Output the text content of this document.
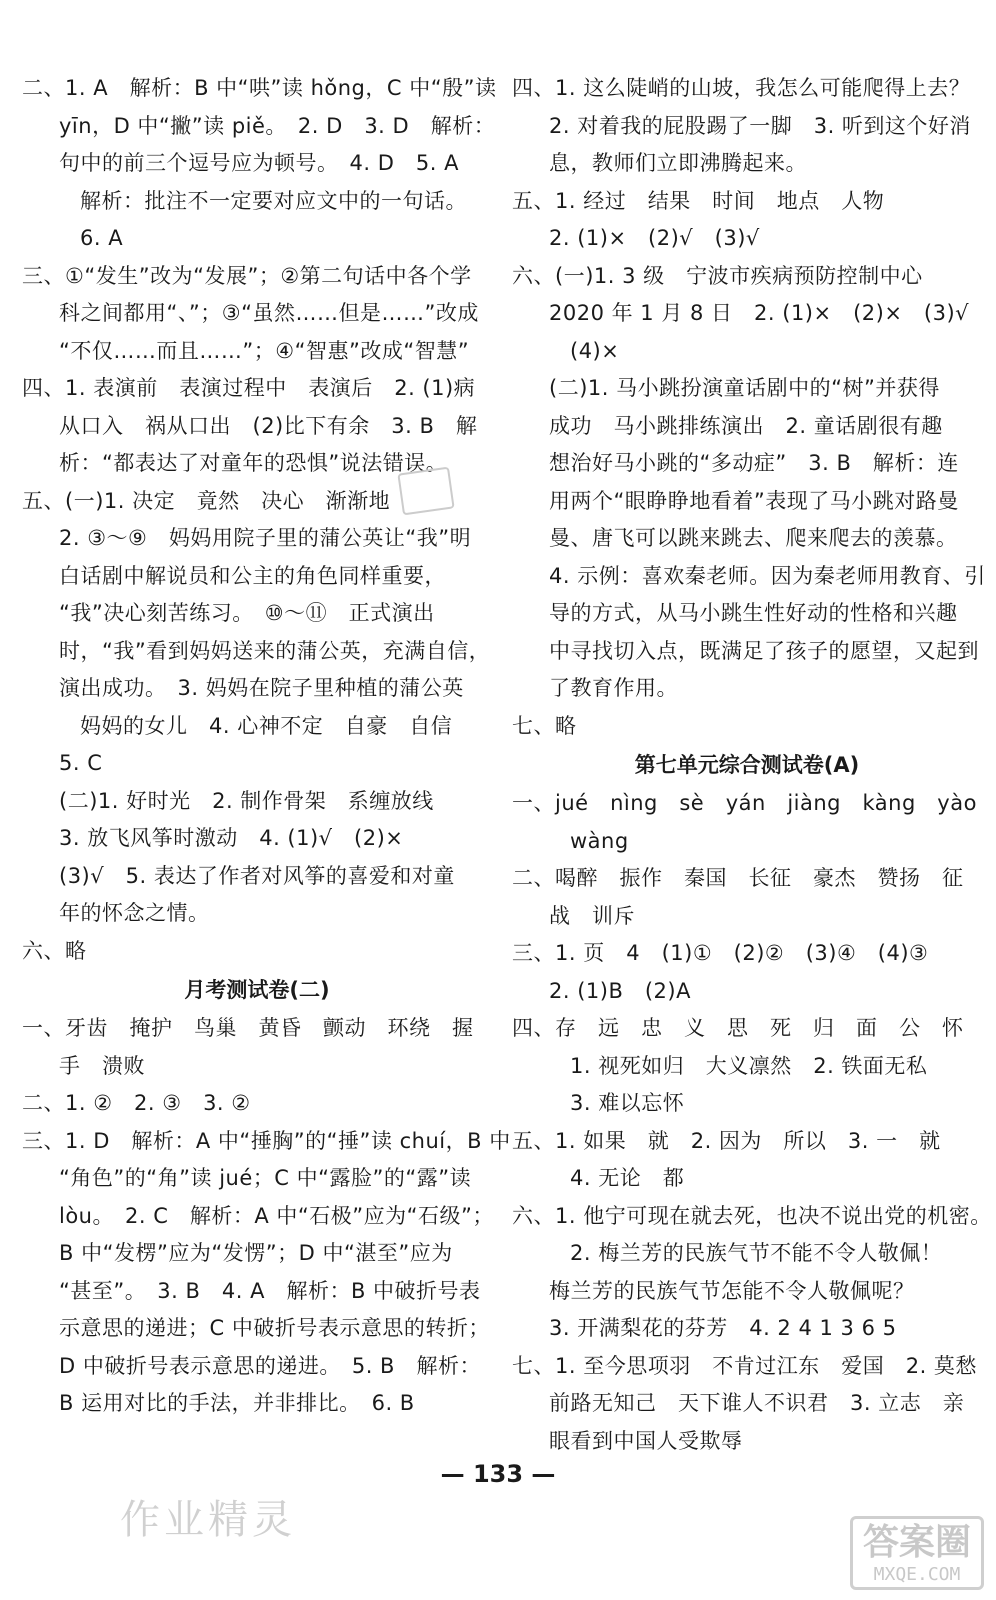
二、1. A　解析：B 中“哄”读 hǒng，C 中“殷”读
yīn，D 中“撇”读 piě。　2. D　3. D　解析：
句中的前三个逗号应为顿号。　4. D　5. A
解析：批注不一定要对应文中的一句话。
6. A
三、①“发生”改为“发展”；②第二句话中各个学
科之间都用“、”；③“虽然……但是……”改成
“不仅……而且……”；④“智惠”改成“智慧”
四、1. 表演前　表演过程中　表演后　2. (1)病
从口入　祸从口出　(2)比下有余　3. B　解
析：“都表达了对童年的恐惧”说法错误。
五、(一)1. 决定　竟然　决心　渐渐地
2. ③～⑨　妈妈用院子里的蒲公英让“我”明
白话剧中解说员和公主的角色同样重要，
“我”决心刻苦练习。　⑩～⑪　正式演出
时，“我”看到妈妈送来的蒲公英，充满自信，
演出成功。　3. 妈妈在院子里种植的蒲公英
妈妈的女儿　4. 心神不定　自豪　自信
5. C
(二)1. 好时光　2. 制作骨架　系缠放线
3. 放飞风筝时激动　4. (1)√　(2)×
(3)√　5. 表达了作者对风筝的喜爱和对童
年的怀念之情。
六、略
月考测试卷(二)
一、牙齿　掩护　鸟巢　黄昏　颤动　环绕　握
手　溃败
二、1. ②　2. ③　3. ②
三、1. D　解析：A 中“捶胸”的“捶”读 chuí，B 中
“角色”的“角”读 jué；C 中“露脸”的“露”读
lòu。　2. C　解析：A 中“石极”应为“石级”；
B 中“发楞”应为“发愣”；D 中“湛至”应为
“甚至”。　3. B　4. A　解析：B 中破折号表
示意思的递进；C 中破折号表示意思的转折；
D 中破折号表示意思的递进。　5. B　解析：
B 运用对比的手法，并非排比。　6. B
四、1. 这么陡峭的山坡，我怎么可能爬得上去？
2. 对着我的屁股踢了一脚　3. 听到这个好消
息，教师们立即沸腾起来。
五、1. 经过　结果　时间　地点　人物
2. (1)×　(2)√　(3)√
六、(一)1. 3 级　宁波市疾病预防控制中心
2020 年 1 月 8 日　2. (1)×　(2)×　(3)√
(4)×
(二)1. 马小跳扮演童话剧中的“树”并获得
成功　马小跳排练演出　2. 童话剧很有趣
想治好马小跳的“多动症”　3. B　解析：连
用两个“眼睁睁地看着”表现了马小跳对路曼
曼、唐飞可以跳来跳去、爬来爬去的羡慕。
4. 示例：喜欢秦老师。因为秦老师用教育、引
导的方式，从马小跳生性好动的性格和兴趣
中寻找切入点，既满足了孩子的愿望，又起到
了教育作用。
七、略
第七单元综合测试卷(A)
一、jué　nìng　sè　yán　jiàng　kàng　yào
wàng
二、喝醉　振作　秦国　长征　豪杰　赞扬　征
战　训斥
三、1. 页　4　(1)①　(2)②　(3)④　(4)③
2. (1)B　(2)A
四、存　远　忠　义　思　死　归　面　公　怀
1. 视死如归　大义凛然　2. 铁面无私
3. 难以忘怀
五、1. 如果　就　2. 因为　所以　3. 一　就
4. 无论　都
六、1. 他宁可现在就去死，也决不说出党的机密。
2. 梅兰芳的民族气节不能不令人敬佩！
梅兰芳的民族气节怎能不令人敬佩呢？
3. 开满梨花的芬芳　4. 2 4 1 3 6 5
七、1. 至今思项羽　不肯过江东　爱国　2. 莫愁
前路无知己　天下谁人不识君　3. 立志　亲
眼看到中国人受欺辱
— 133 —
作业精灵	答案圈
MXQE.COM
